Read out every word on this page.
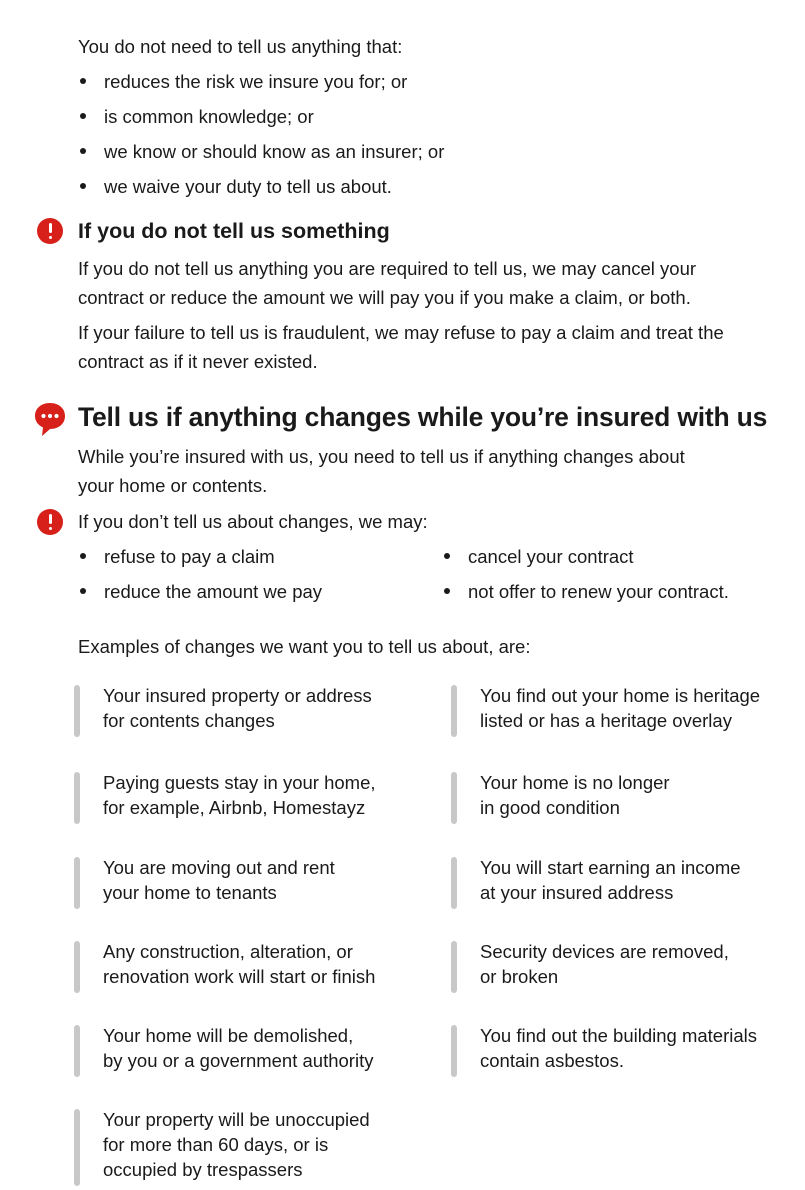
You do not need to tell us anything that:

reduces the risk we insure you for; or
is common knowledge; or
we know or should know as an insurer; or
we waive your duty to tell us about.
If you do not tell us something

If you do not tell us anything you are required to tell us, we may cancel your
contract or reduce the amount we will pay you if you make a claim, or both.

If your failure to tell us is fraudulent, we may refuse to pay a claim and treat the
contract as if it never existed.

Tell us if anything changes while you’re insured with us

While you’re insured with us, you need to tell us if anything changes about
your home or contents.

If you don’t tell us about changes, we may:

refuse to pay a claim
reduce the amount we pay
cancel your contract
not offer to renew your contract.

Examples of changes we want you to tell us about, are:

Your insured property or address
for contents changes
Paying guests stay in your home,
for example, Airbnb, Homestayz
You are moving out and rent
your home to tenants
Any construction, alteration, or
renovation work will start or finish
Your home will be demolished,
by you or a government authority
Your property will be unoccupied
for more than 60 days, or is
occupied by trespassers
You find out your home is heritage
listed or has a heritage overlay
Your home is no longer
in good condition
You will start earning an income
at your insured address
Security devices are removed,
or broken
You find out the building materials
contain asbestos.
